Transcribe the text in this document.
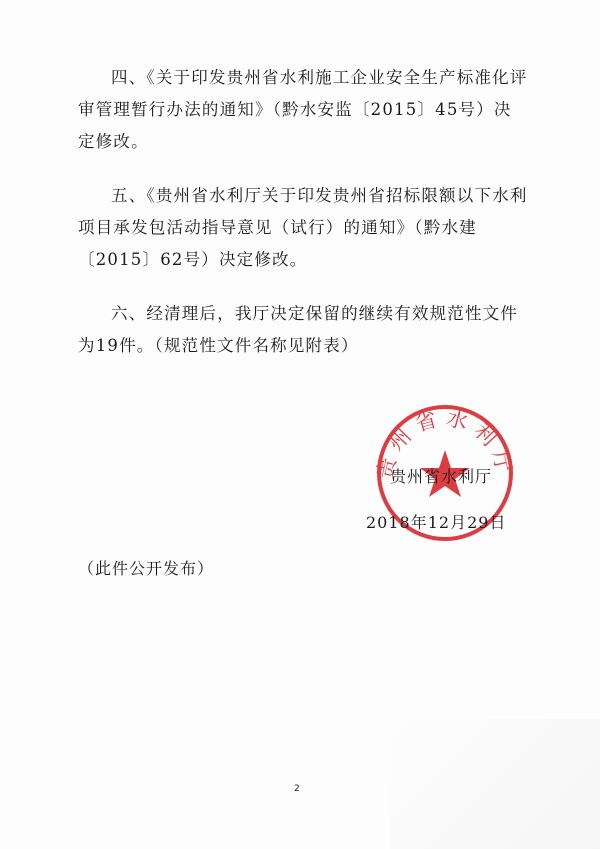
四、《关于印发贵州省水利施工企业安全生产标准化评审管理暂行办法的通知》（黔水安监〔2015〕45号）决定修改。

五、《贵州省水利厅关于印发贵州省招标限额以下水利项目承发包活动指导意见（试行）的通知》（黔水建〔2015〕62号）决定修改。

六、经清理后，我厅决定保留的继续有效规范性文件为19件。（规范性文件名称见附表）

贵州省水利厅
贵州省水利厅
2018年12月29日
（此件公开发布）
2
